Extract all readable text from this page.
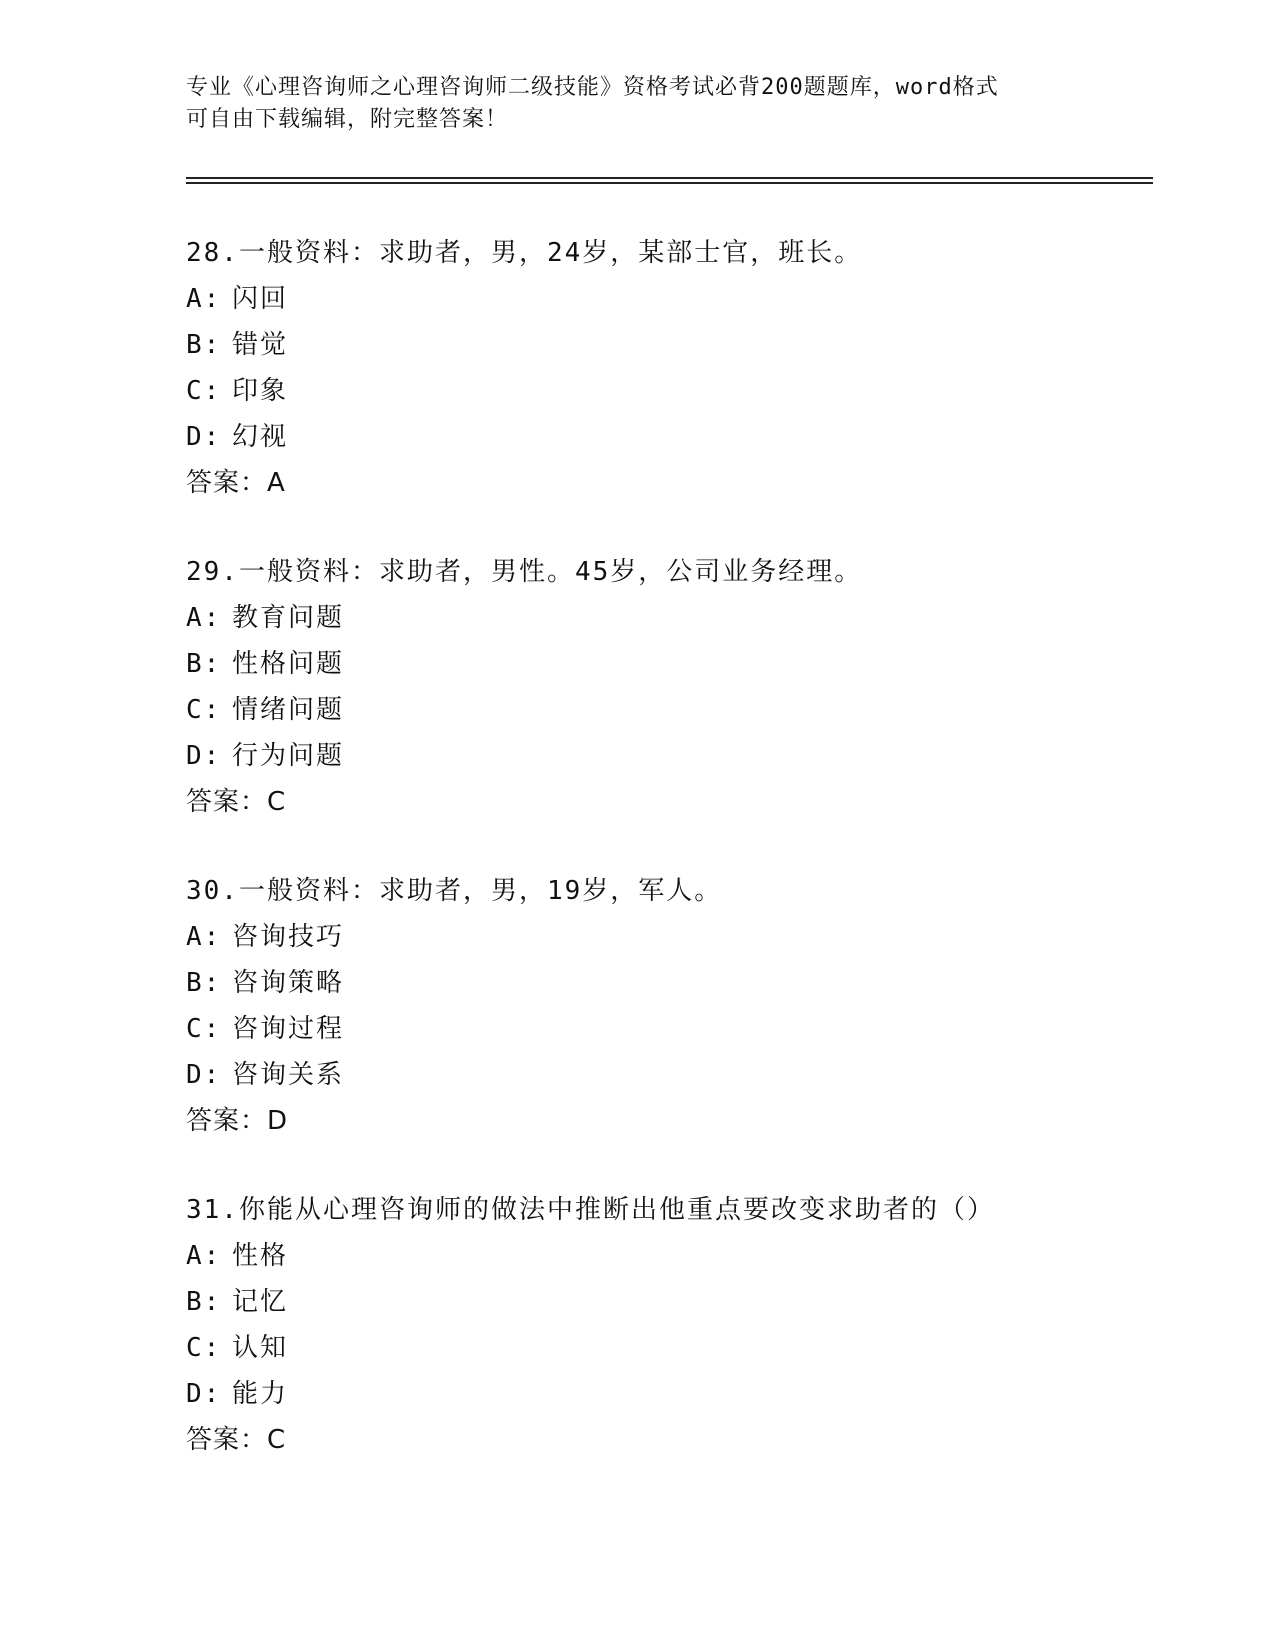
专业《心理咨询师之心理咨询师二级技能》资格考试必背200题题库，word格式
可自由下载编辑，附完整答案！
28.一般资料：求助者，男，24岁，某部士官，班长。
A: 闪回
B: 错觉
C: 印象
D: 幻视
答案：A
29.一般资料：求助者，男性。45岁，公司业务经理。
A: 教育问题
B: 性格问题
C: 情绪问题
D: 行为问题
答案：C
30.一般资料：求助者，男，19岁，军人。
A: 咨询技巧
B: 咨询策略
C: 咨询过程
D: 咨询关系
答案：D
31.你能从心理咨询师的做法中推断出他重点要改变求助者的（）
A: 性格
B: 记忆
C: 认知
D: 能力
答案：C
